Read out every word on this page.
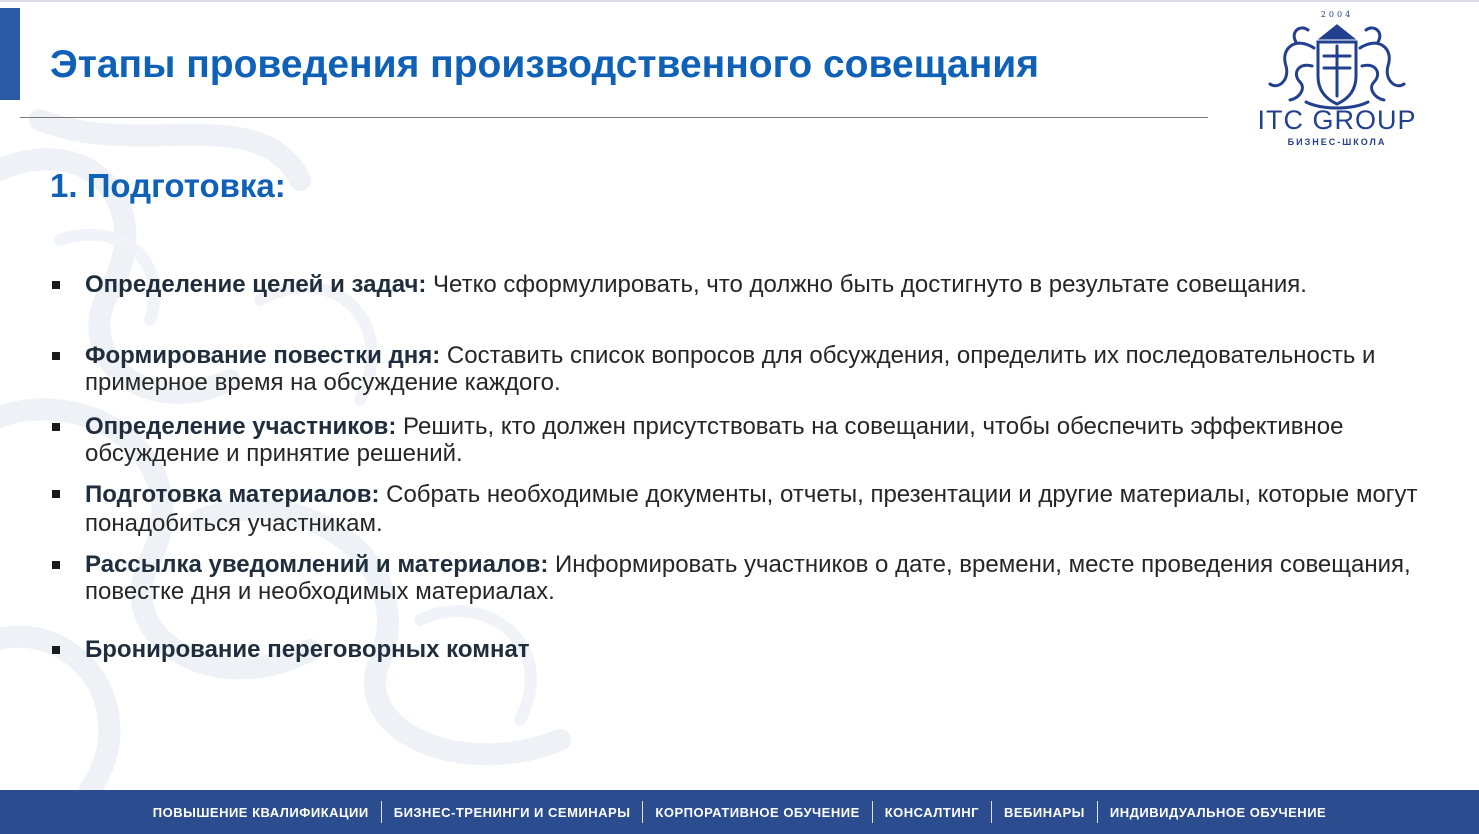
Этапы проведения производственного совещания
2004
ITC GROUP
БИЗНЕС-ШКОЛА
1. Подготовка:
Определение целей и задач: Четко сформулировать, что должно быть достигнуто в результате совещания.
Формирование повестки дня: Составить список вопросов для обсуждения, определить их последовательность и примерное время на обсуждение каждого.
Определение участников: Решить, кто должен присутствовать на совещании, чтобы обеспечить эффективное обсуждение и принятие решений.
Подготовка материалов: Собрать необходимые документы, отчеты, презентации и другие материалы, которые могут понадобиться участникам.
Рассылка уведомлений и материалов: Информировать участников о дате, времени, месте проведения совещания, повестке дня и необходимых материалах.
Бронирование переговорных комнат
ПОВЫШЕНИЕ КВАЛИФИКАЦИИ	БИЗНЕС-ТРЕНИНГИ И СЕМИНАРЫ	КОРПОРАТИВНОЕ ОБУЧЕНИЕ	КОНСАЛТИНГ	ВЕБИНАРЫ	ИНДИВИДУАЛЬНОЕ ОБУЧЕНИЕ
